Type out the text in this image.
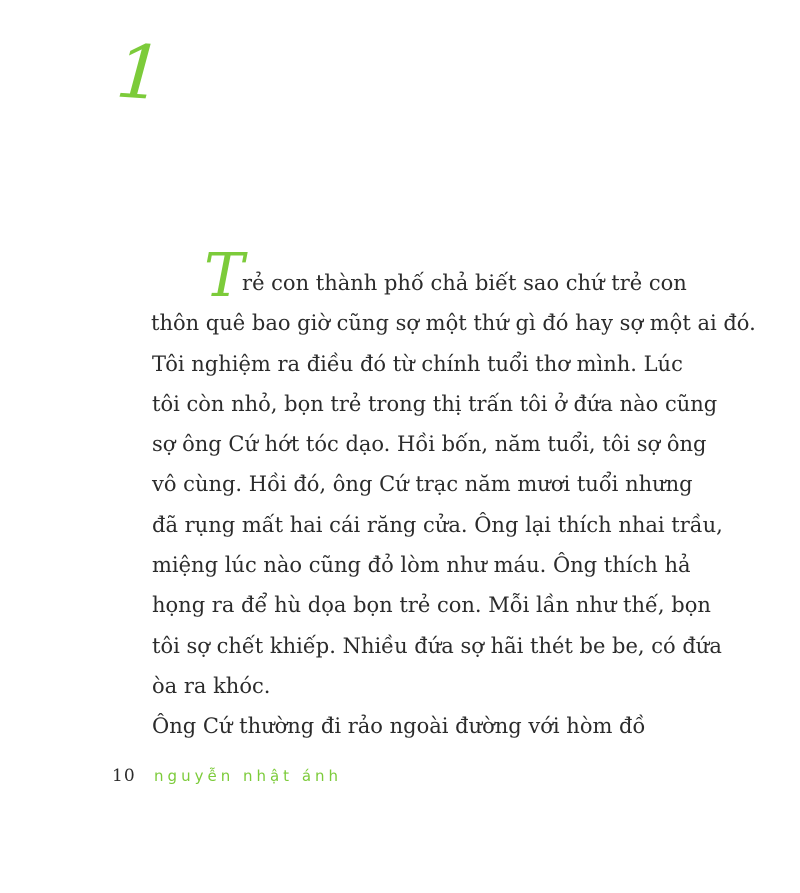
1
Trẻ con thành phố chả biết sao chứ trẻ con
thôn quê bao giờ cũng sợ một thứ gì đó hay sợ một ai đó.
Tôi nghiệm ra điều đó từ chính tuổi thơ mình. Lúc
tôi còn nhỏ, bọn trẻ trong thị trấn tôi ở đứa nào cũng
sợ ông Cứ hớt tóc dạo. Hồi bốn, năm tuổi, tôi sợ ông
vô cùng. Hồi đó, ông Cứ trạc năm mươi tuổi nhưng
đã rụng mất hai cái răng cửa. Ông lại thích nhai trầu,
miệng lúc nào cũng đỏ lòm như máu. Ông thích hả
họng ra để hù dọa bọn trẻ con. Mỗi lần như thế, bọn
tôi sợ chết khiếp. Nhiều đứa sợ hãi thét be be, có đứa
òa ra khóc.
Ông Cứ thường đi rảo ngoài đường với hòm đồ
10 nguyễn nhật ánh
